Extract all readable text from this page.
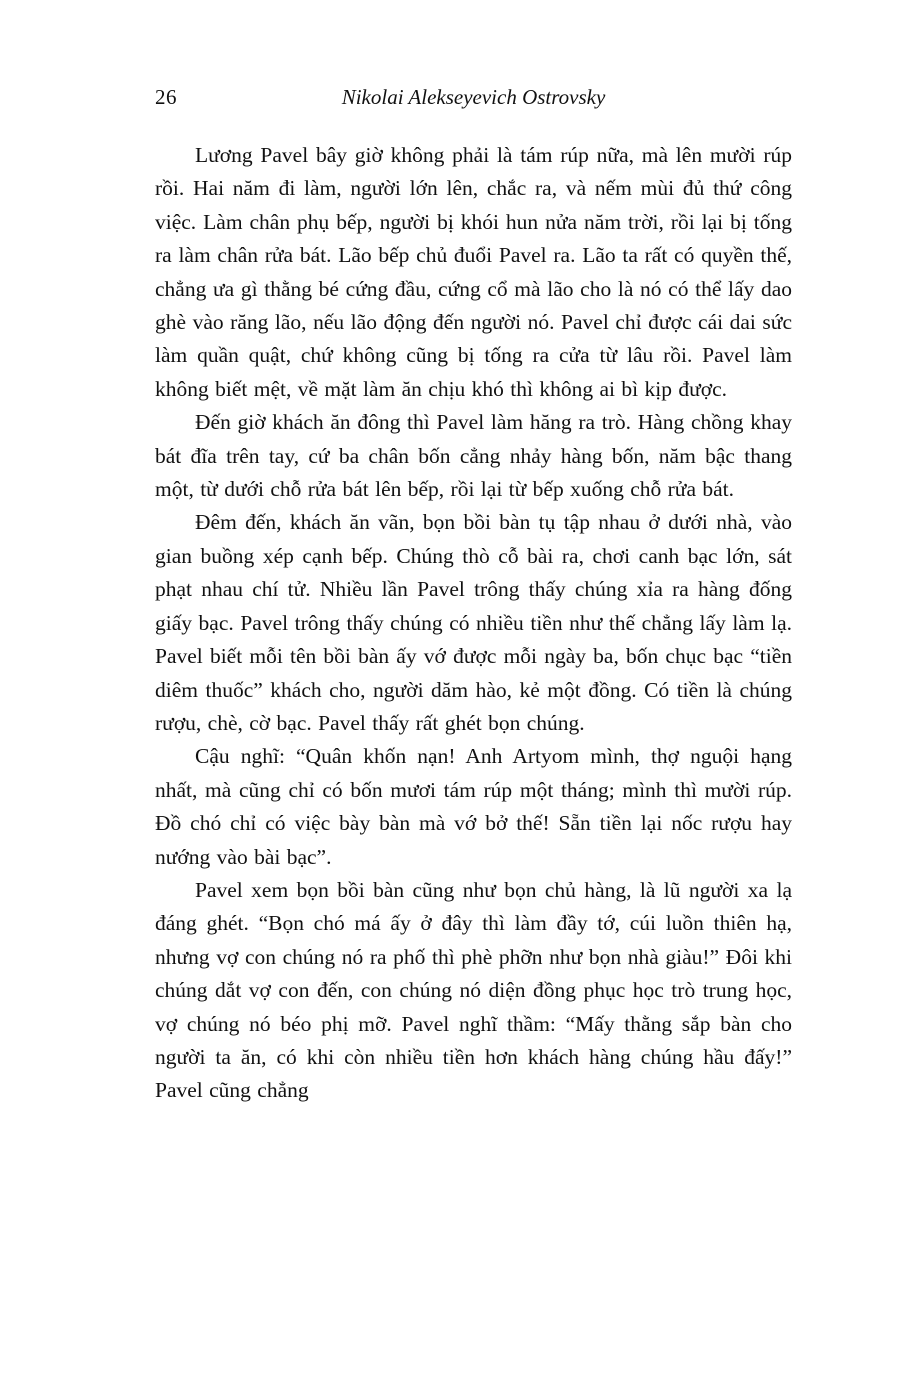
26	Nikolai Alekseyevich Ostrovsky

Lương Pavel bây giờ không phải là tám rúp nữa, mà lên mười rúp rồi. Hai năm đi làm, người lớn lên, chắc ra, và nếm mùi đủ thứ công việc. Làm chân phụ bếp, người bị khói hun nửa năm trời, rồi lại bị tống ra làm chân rửa bát. Lão bếp chủ đuổi Pavel ra. Lão ta rất có quyền thế, chẳng ưa gì thằng bé cứng đầu, cứng cổ mà lão cho là nó có thể lấy dao ghè vào răng lão, nếu lão động đến người nó. Pavel chỉ được cái dai sức làm quần quật, chứ không cũng bị tống ra cửa từ lâu rồi. Pavel làm không biết mệt, về mặt làm ăn chịu khó thì không ai bì kịp được.

Đến giờ khách ăn đông thì Pavel làm hăng ra trò. Hàng chồng khay bát đĩa trên tay, cứ ba chân bốn cẳng nhảy hàng bốn, năm bậc thang một, từ dưới chỗ rửa bát lên bếp, rồi lại từ bếp xuống chỗ rửa bát.

Đêm đến, khách ăn vãn, bọn bồi bàn tụ tập nhau ở dưới nhà, vào gian buồng xép cạnh bếp. Chúng thò cỗ bài ra, chơi canh bạc lớn, sát phạt nhau chí tử. Nhiều lần Pavel trông thấy chúng xỉa ra hàng đống giấy bạc. Pavel trông thấy chúng có nhiều tiền như thế chẳng lấy làm lạ. Pavel biết mỗi tên bồi bàn ấy vớ được mỗi ngày ba, bốn chục bạc “tiền diêm thuốc” khách cho, người dăm hào, kẻ một đồng. Có tiền là chúng rượu, chè, cờ bạc. Pavel thấy rất ghét bọn chúng.

Cậu nghĩ: “Quân khốn nạn! Anh Artyom mình, thợ nguội hạng nhất, mà cũng chỉ có bốn mươi tám rúp một tháng; mình thì mười rúp. Đồ chó chỉ có việc bày bàn mà vớ bở thế! Sẵn tiền lại nốc rượu hay nướng vào bài bạc”.

Pavel xem bọn bồi bàn cũng như bọn chủ hàng, là lũ người xa lạ đáng ghét. “Bọn chó má ấy ở đây thì làm đầy tớ, cúi luồn thiên hạ, nhưng vợ con chúng nó ra phố thì phè phỡn như bọn nhà giàu!” Đôi khi chúng dắt vợ con đến, con chúng nó diện đồng phục học trò trung học, vợ chúng nó béo phị mỡ. Pavel nghĩ thầm: “Mấy thằng sắp bàn cho người ta ăn, có khi còn nhiều tiền hơn khách hàng chúng hầu đấy!” Pavel cũng chẳng
